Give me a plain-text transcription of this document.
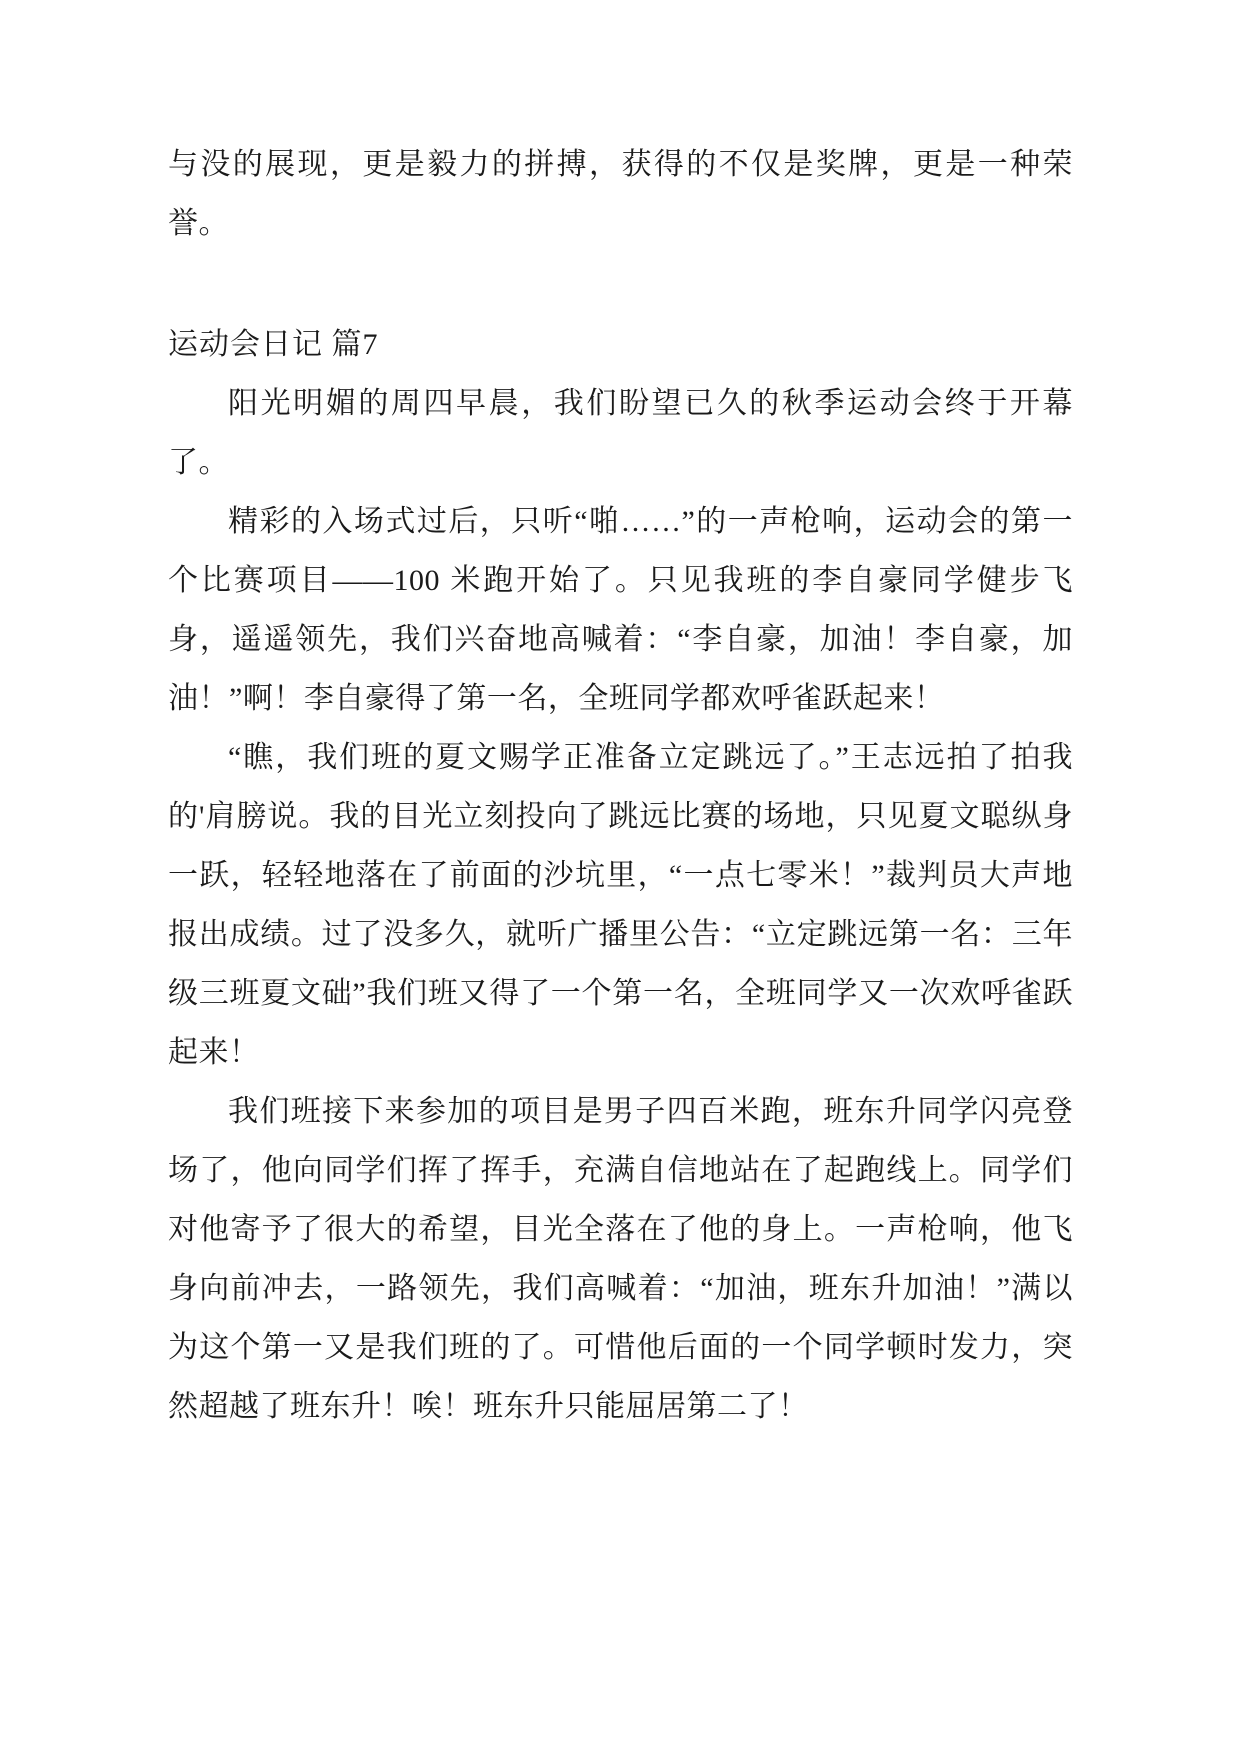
与没的展现，更是毅力的拼搏，获得的不仅是奖牌，更是一种荣誉。

运动会日记 篇7

阳光明媚的周四早晨，我们盼望已久的秋季运动会终于开幕了。

精彩的入场式过后，只听“啪……”的一声枪响，运动会的第一个比赛项目——100 米跑开始了。只见我班的李自豪同学健步飞身，遥遥领先，我们兴奋地高喊着：“李自豪，加油！李自豪，加油！”啊！李自豪得了第一名，全班同学都欢呼雀跃起来！

“瞧，我们班的夏文赐学正准备立定跳远了。”王志远拍了拍我的'肩膀说。我的目光立刻投向了跳远比赛的场地，只见夏文聪纵身一跃，轻轻地落在了前面的沙坑里，“一点七零米！”裁判员大声地报出成绩。过了没多久，就听广播里公告：“立定跳远第一名：三年级三班夏文础”我们班又得了一个第一名，全班同学又一次欢呼雀跃起来！

我们班接下来参加的项目是男子四百米跑，班东升同学闪亮登场了，他向同学们挥了挥手，充满自信地站在了起跑线上。同学们对他寄予了很大的希望，目光全落在了他的身上。一声枪响，他飞身向前冲去，一路领先，我们高喊着：“加油，班东升加油！”满以为这个第一又是我们班的了。可惜他后面的一个同学顿时发力，突然超越了班东升！唉！班东升只能屈居第二了！
